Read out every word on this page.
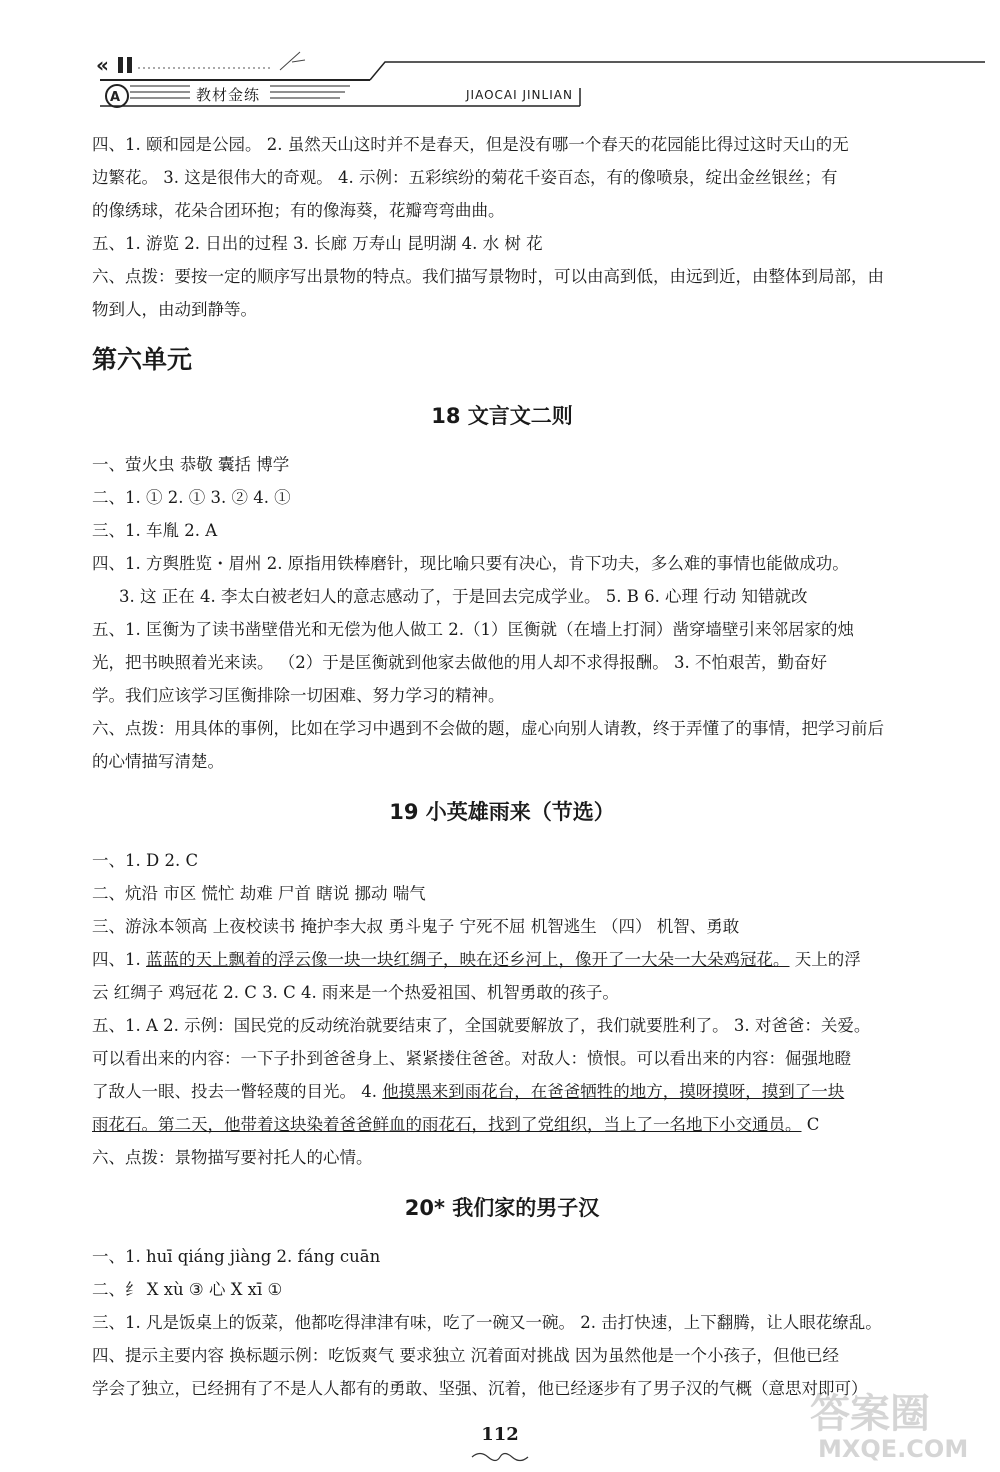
«
A	教材金练	JIAOCAI JINLIAN

四、1. 颐和园是公园。 2. 虽然天山这时并不是春天，但是没有哪一个春天的花园能比得过这时天山的无

边繁花。 3. 这是很伟大的奇观。 4. 示例：五彩缤纷的菊花千姿百态，有的像喷泉，绽出金丝银丝；有

的像绣球，花朵合团环抱；有的像海葵，花瓣弯弯曲曲。

五、1. 游览 2. 日出的过程 3. 长廊 万寿山 昆明湖 4. 水 树 花

六、点拨：要按一定的顺序写出景物的特点。我们描写景物时，可以由高到低，由远到近，由整体到局部，由

物到人，由动到静等。

第六单元
18 文言文二则

一、萤火虫 恭敬 囊括 博学

二、1. ① 2. ① 3. ② 4. ①

三、1. 车胤 2. A

四、1. 方舆胜览・眉州 2. 原指用铁棒磨针，现比喻只要有决心，肯下功夫，多么难的事情也能做成功。

3. 这 正在 4. 李太白被老妇人的意志感动了，于是回去完成学业。 5. B 6. 心理 行动 知错就改

五、1. 匡衡为了读书凿壁借光和无偿为他人做工 2.（1）匡衡就（在墙上打洞）凿穿墙壁引来邻居家的烛

光，把书映照着光来读。 （2）于是匡衡就到他家去做他的用人却不求得报酬。 3. 不怕艰苦，勤奋好

学。我们应该学习匡衡排除一切困难、努力学习的精神。

六、点拨：用具体的事例，比如在学习中遇到不会做的题，虚心向别人请教，终于弄懂了的事情，把学习前后

的心情描写清楚。

19 小英雄雨来（节选）

一、1. D 2. C

二、炕沿 市区 慌忙 劫难 尸首 瞎说 挪动 喘气

三、游泳本领高 上夜校读书 掩护李大叔 勇斗鬼子 宁死不屈 机智逃生 （四） 机智、勇敢

四、1. 蓝蓝的天上飘着的浮云像一块一块红绸子，映在还乡河上，像开了一大朵一大朵鸡冠花。 天上的浮

云 红绸子 鸡冠花 2. C 3. C 4. 雨来是一个热爱祖国、机智勇敢的孩子。

五、1. A 2. 示例：国民党的反动统治就要结束了，全国就要解放了，我们就要胜利了。 3. 对爸爸：关爱。

可以看出来的内容：一下子扑到爸爸身上、紧紧搂住爸爸。对敌人：愤恨。可以看出来的内容：倔强地瞪

了敌人一眼、投去一瞥轻蔑的目光。 4. 他摸黑来到雨花台，在爸爸牺牲的地方，摸呀摸呀，摸到了一块

雨花石。第二天，他带着这块染着爸爸鲜血的雨花石，找到了党组织，当上了一名地下小交通员。 C

六、点拨：景物描写要衬托人的心情。

20* 我们家的男子汉

一、1. huī qiáng jiàng 2. fáng cuān

二、纟 X xù ③ 心 X xī ①

三、1. 凡是饭桌上的饭菜，他都吃得津津有味，吃了一碗又一碗。 2. 击打快速，上下翻腾，让人眼花缭乱。

四、提示主要内容 换标题示例：吃饭爽气 要求独立 沉着面对挑战 因为虽然他是一个小孩子，但他已经

学会了独立，已经拥有了不是人人都有的勇敢、坚强、沉着，他已经逐步有了男子汉的气概（意思对即可）

112	答案圈
MXQE.COM
